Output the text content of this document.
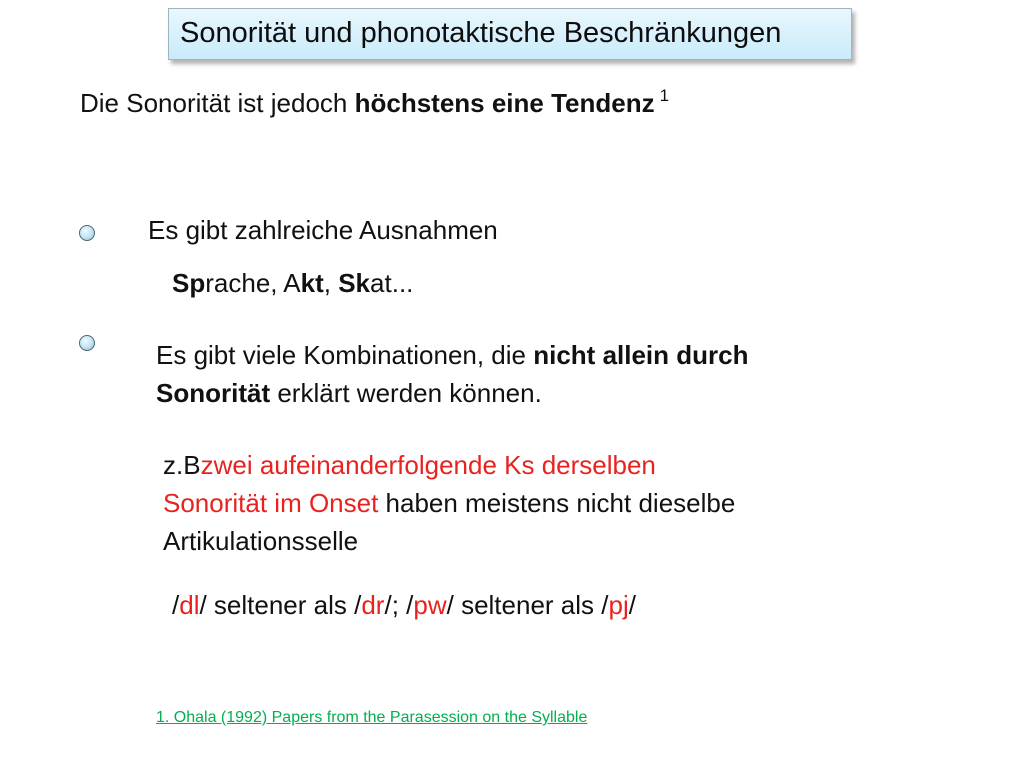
Sonorität und phonotaktische Beschränkungen
Die Sonorität ist jedoch höchstens eine Tendenz $^1$
Es gibt zahlreiche Ausnahmen
Sprache, Akt, Skat...
Es gibt viele Kombinationen, die nicht allein durch
Sonorität erklärt werden können.
z.Bzwei aufeinanderfolgende Ks derselben
Sonorität im Onset haben meistens nicht dieselbe
Artikulationsselle
/dl/ seltener als /dr/; /pw/ seltener als /pj/
1. Ohala (1992) Papers from the Parasession on the Syllable
